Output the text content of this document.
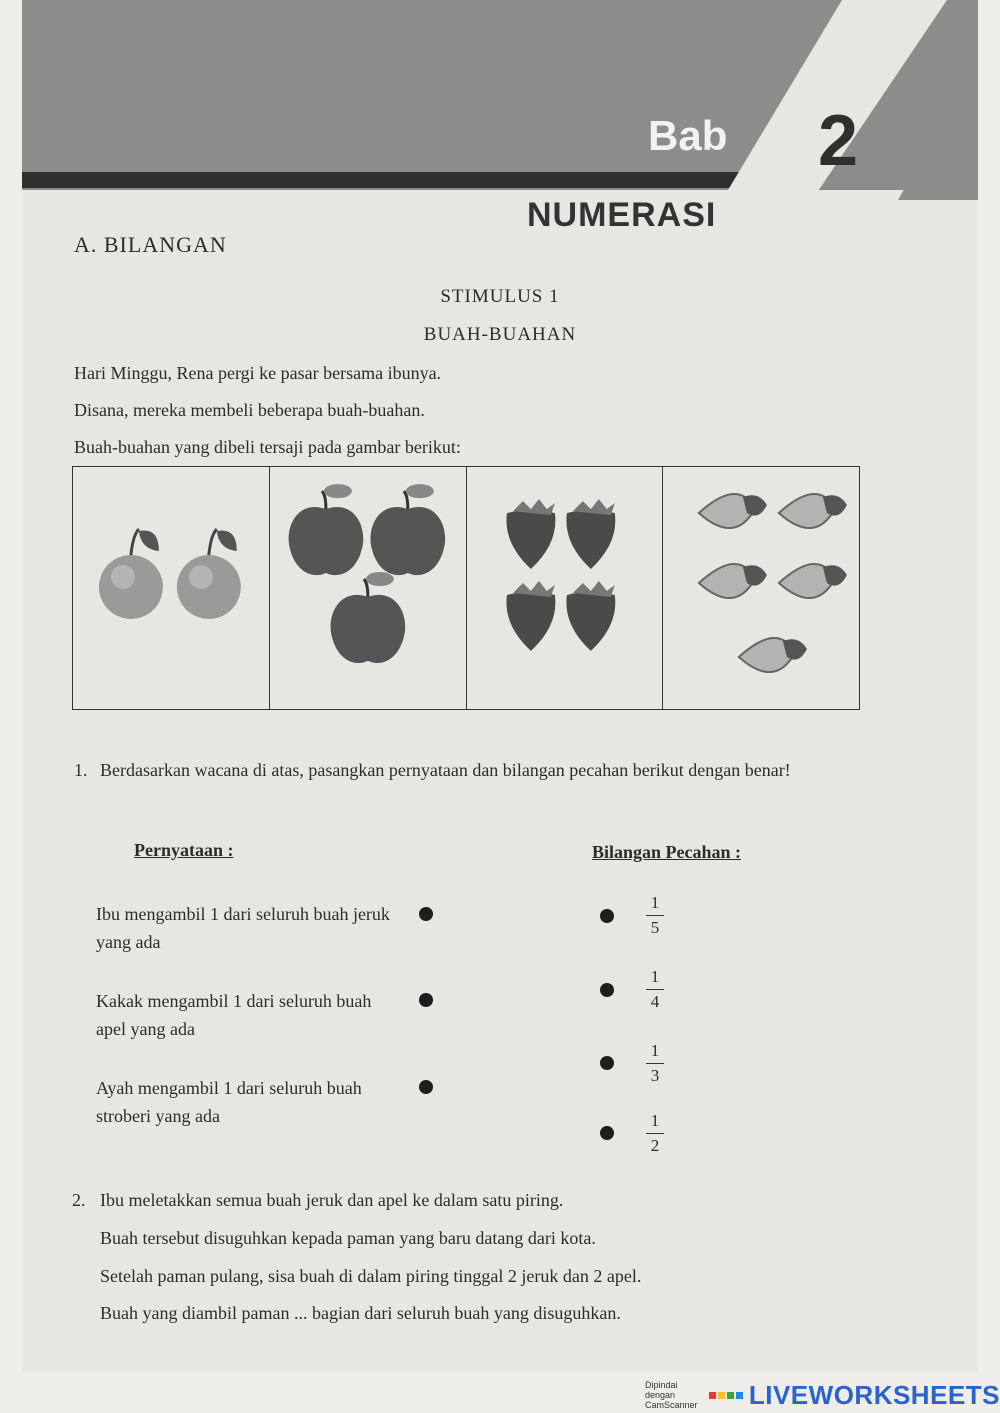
Bab 2
NUMERASI
A. BILANGAN
STIMULUS 1
BUAH-BUAHAN
Hari Minggu, Rena pergi ke pasar bersama ibunya.
Disana, mereka membeli beberapa buah-buahan.
Buah-buahan yang dibeli tersaji pada gambar berikut:
1. Berdasarkan wacana di atas, pasangkan pernyataan dan bilangan pecahan berikut dengan benar!
Pernyataan :	Bilangan Pecahan :
Ibu mengambil 1 dari seluruh buah jeruk yang ada
Kakak mengambil 1 dari seluruh buah apel yang ada
Ayah mengambil 1 dari seluruh buah stroberi yang ada
1
5
1
4
1
3
1
2
2. Ibu meletakkan semua buah jeruk dan apel ke dalam satu piring.
Buah tersebut disuguhkan kepada paman yang baru datang dari kota.
Setelah paman pulang, sisa buah di dalam piring tinggal 2 jeruk dan 2 apel.
Buah yang diambil paman ... bagian dari seluruh buah yang disuguhkan.
Dipindai dengan CamScanner LIVEWORKSHEETS
